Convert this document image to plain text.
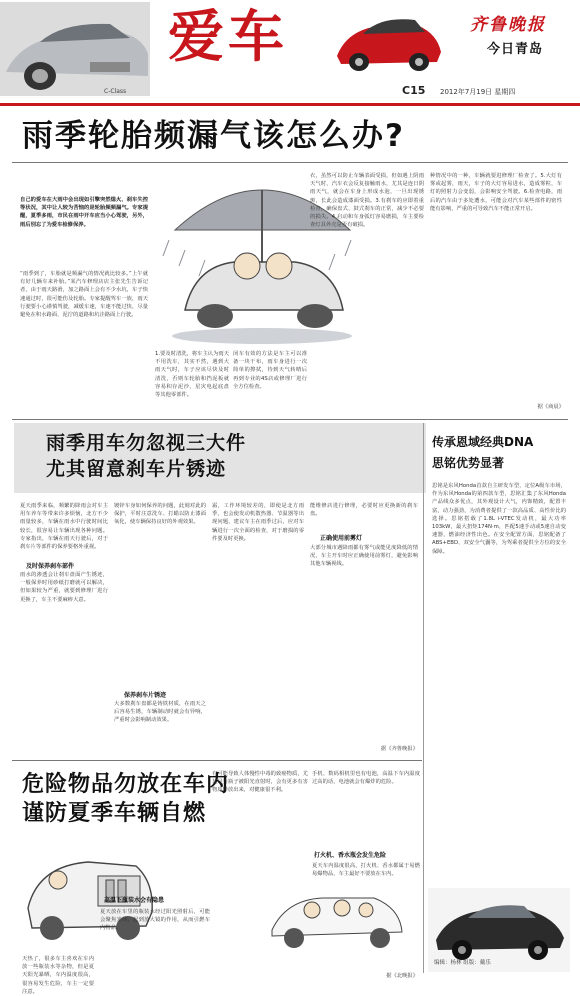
C-Class
爱车	齐鲁晚报
今日青岛
C15 2012年7月19日 星期四
雨季轮胎频漏气该怎么办?
自己的爱车在大雨中会出现如引擎突然熄火、刹车失控等状况，其中让人较为苦恼的是轮胎频频漏气。专家提醒，夏季多雨，市民在雨中开车应当小心驾驶，另外，雨后别忘了为爱车检修保养。
“雨季到了，车胎就是频漏气的情况就比较多。”上午就有好几辆车来补胎。”某汽车修理店店主张先生告诉记者，由于雨天路滑，加之路面上会有不少水坑，车子快速通过时，很可能伤及轮胎。专家提醒驾车一族，雨天行驶要小心谨慎驾驶，减缓车速，车速不能过快，尽量避免在积水路面、泥泞的道路和坑洼路面上行驶。
1.要及时清洗，将车主认为雨天不用洗车，其实不然，遇到大雨天气时，车子应该尽快及时清洗，否则车轮胎和挡泥板就容易积存泥沙，星灾电起底盘等其他零部件。
闭车有效的方法是车主可以准备一块干布，雨车身进行一次简单的擦拭，待到天气转晴后再到专业的4S店或修理厂进行全方位检查。
衣，虽然可以防止车辆表面受损，但如遇上阴雨天气时，汽车衣会反复接触雨水，尤其是连日阴雨天气，就会在车身上形成水泡，一旦出现锈斑，长此会造成漆面受损。3.有刹车的应即着重检查，确保盘式、鼓式刹车的正常，减少不必要的损失。4.启动和车身弧灯容易磨损，车主要检查灯具外壳是否有破损。
种情况中的一种，车辆就要进修理厂检查了。5.大灯有雾或起雾，雨天，车子的大灯容易进水，造成雾粒，车灯的照射力会变弱，会影响安全驾驶。6.检查电路，雨后的汽车由于多处遭水，可能会对汽车某些部件的密性能有影响，严重的可导致汽车不能正常开启。
据《商晨》
雨季用车勿忽视三大件
尤其留意刹车片锈迹
夏天雨季来临，频繁的降雨会对车主用车养车等带来许多烦恼，北方不少雨量较多，车辆在雨水中行驶时间比较长，很容易让车辆出现各种问题。专家指出，车辆在雨天行驶后，对于刹车片等部件的保养要格外重视。
及时保养刹车部件
雨水的渗透会让刹车盘面产生锈迹，一般保养时用砂纸打磨就可以解决，但如果较为严重，就要到修理厂进行更换了，车主不要麻痹大意。
镀锌车身如何保养的问题，此刻对此的保护，平时注意洗车、打蜡以防止漆面氧化，使车辆保持良好的外观效果。
保养刹车片锈迹
大多数刹车盘都是铸铁材质，在雨天之后容易生锈，车辆制动时就会有异响，严重时会影响制动效果。
霜，工作环境较差的，即使是北方雨季，也会使发动机散热器、节温器等出现问题，建议车主在雨季过后，应对车辆进行一次全面的检查，对于磨损的零件要及时更换。
能维修店进行修理，必要时应更换新的刹车盘。
正确使用前雾灯
大部分城市遇降雨都有雾气或能见度降低的情况，车主开车时应正确使用前雾灯，避免影响其他车辆视线。
据《齐鲁晚报》
危险物品勿放在车内
谨防夏季车辆自燃
天热了，很多车主喜欢在车内放一些瓶装水等杂物，但是夏天阳光暴晒，车内温度很高，很容易发生危险，车主一定要注意。
高温下瓶装水会有隐患
夏天放在车里的瓶装水经过阳光照射后，可能会聚焦光线，起到放大镜的作用，从而引燃车内物品。
有可能导致人体慢性中毒的致癌物质，尤其是当瓶子被阳光直射时，会有更多有害物质释放出来，对健康很不利。
手机、数码相机里也有电池，高温下车内温度过高的话，电池就会有爆炸的危险。
打火机、香水瓶会发生危险
夏天车内温度很高，打火机、香水都属于易燃易爆物品，车主最好不要放在车内。
据《北晚报》
传承恩域经典DNA
思铭优势显著
思铭是东风Honda首款自主研发车型，定位A级车市场，作为东风Honda的第四款车型，思铭汇集了东风Honda产品线众多优点，其外观设计大气，内饰精致，配置丰富，动力强劲，为消费者提供了一款高品质、高性价比的选择。思铭搭载了1.8L i-VTEC发动机，最大功率103kW，最大扭矩174N·m，匹配5速手动或5速自动变速器，燃油经济性出色。在安全配置方面，思铭配备了ABS+EBD、双安全气囊等，为驾乘者提供全方位的安全保障。
编辑：杨林 组版：戴乐
